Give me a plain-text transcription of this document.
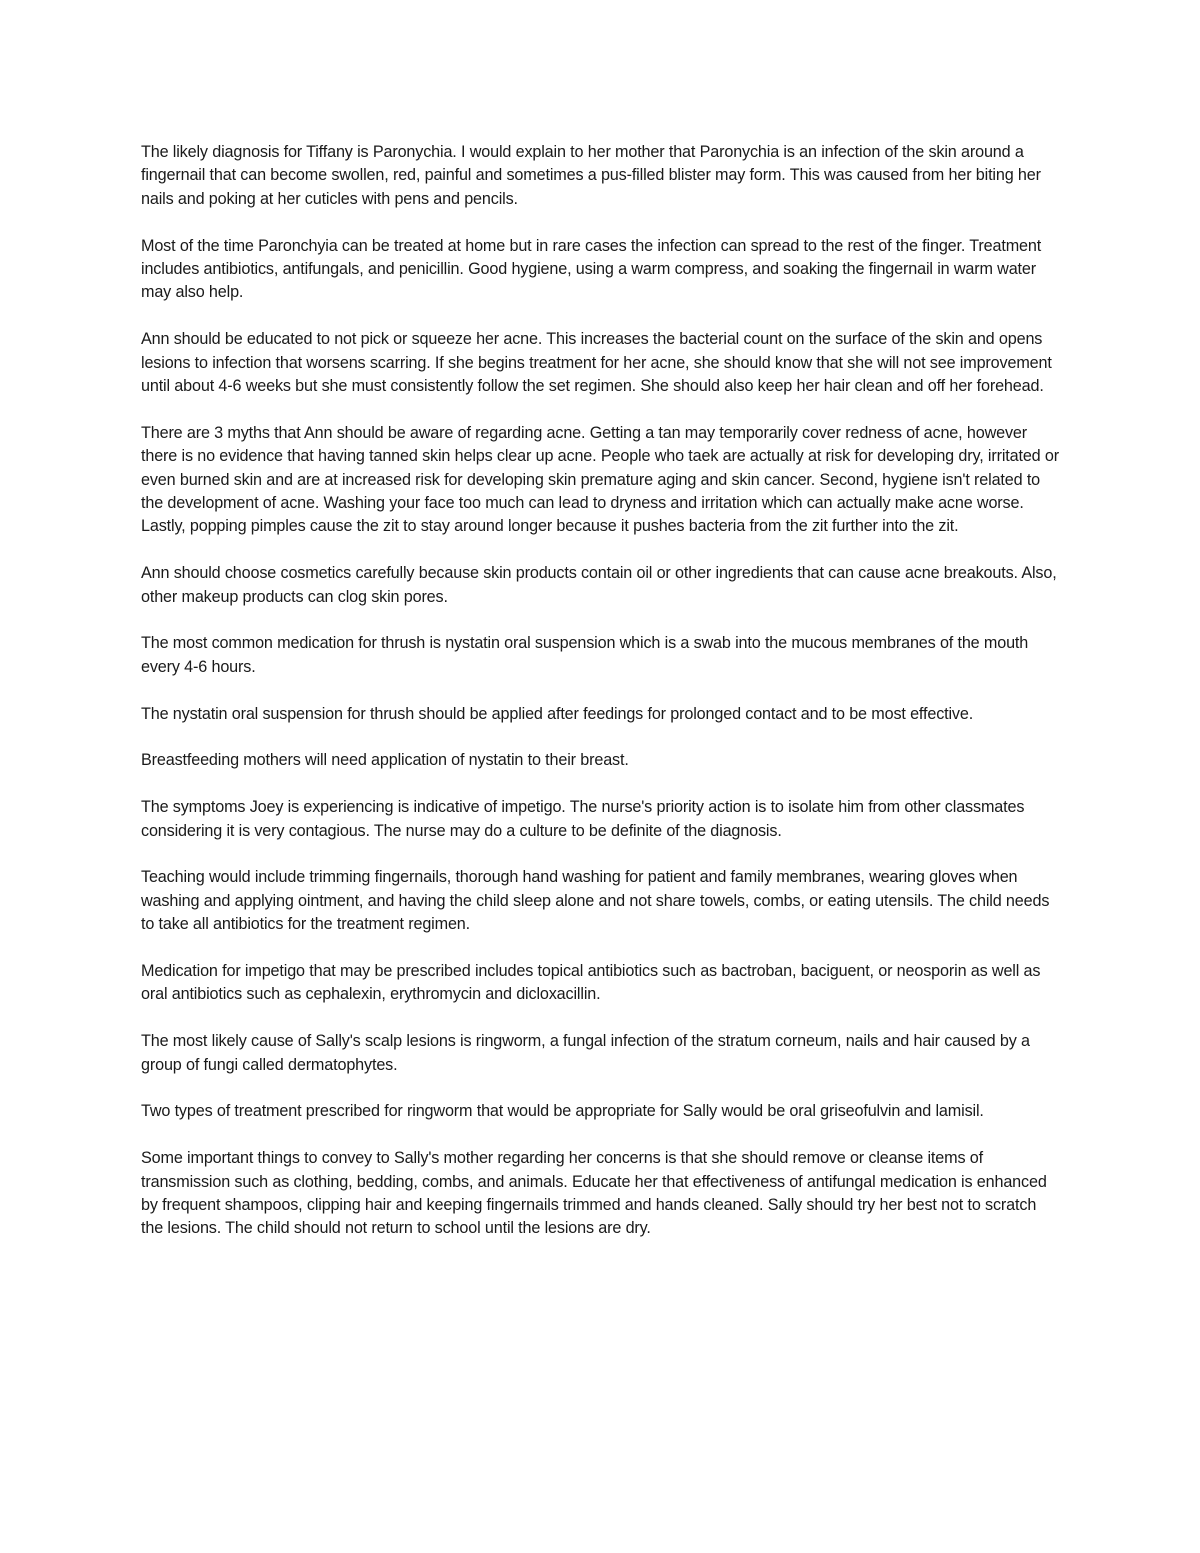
The likely diagnosis for Tiffany is Paronychia. I would explain to her mother that Paronychia is an infection of the skin around a fingernail that can become swollen, red, painful and sometimes a pus-filled blister may form. This was caused from her biting her nails and poking at her cuticles with pens and pencils.

Most of the time Paronchyia can be treated at home but in rare cases the infection can spread to the rest of the finger. Treatment includes antibiotics, antifungals, and penicillin. Good hygiene, using a warm compress, and soaking the fingernail in warm water may also help.

Ann should be educated to not pick or squeeze her acne. This increases the bacterial count on the surface of the skin and opens lesions to infection that worsens scarring. If she begins treatment for her acne, she should know that she will not see improvement until about 4-6 weeks but she must consistently follow the set regimen. She should also keep her hair clean and off her forehead.

There are 3 myths that Ann should be aware of regarding acne. Getting a tan may temporarily cover redness of acne, however there is no evidence that having tanned skin helps clear up acne. People who taek are actually at risk for developing dry, irritated or even burned skin and are at increased risk for developing skin premature aging and skin cancer. Second, hygiene isn't related to the development of acne. Washing your face too much can lead to dryness and irritation which can actually make acne worse. Lastly, popping pimples cause the zit to stay around longer because it pushes bacteria from the zit further into the zit.

Ann should choose cosmetics carefully because skin products contain oil or other ingredients that can cause acne breakouts. Also, other makeup products can clog skin pores.

The most common medication for thrush is nystatin oral suspension which is a swab into the mucous membranes of the mouth every 4-6 hours.

The nystatin oral suspension for thrush should be applied after feedings for prolonged contact and to be most effective.

Breastfeeding mothers will need application of nystatin to their breast.

The symptoms Joey is experiencing is indicative of impetigo. The nurse's priority action is to isolate him from other classmates considering it is very contagious. The nurse may do a culture to be definite of the diagnosis.

Teaching would include trimming fingernails, thorough hand washing for patient and family membranes, wearing gloves when washing and applying ointment, and having the child sleep alone and not share towels, combs, or eating utensils. The child needs to take all antibiotics for the treatment regimen.

Medication for impetigo that may be prescribed includes topical antibiotics such as bactroban, baciguent, or neosporin as well as oral antibiotics such as cephalexin, erythromycin and dicloxacillin.

The most likely cause of Sally's scalp lesions is ringworm, a fungal infection of the stratum corneum, nails and hair caused by a group of fungi called dermatophytes.

Two types of treatment prescribed for ringworm that would be appropriate for Sally would be oral griseofulvin and lamisil.

Some important things to convey to Sally's mother regarding her concerns is that she should remove or cleanse items of transmission such as clothing, bedding, combs, and animals. Educate her that effectiveness of antifungal medication is enhanced by frequent shampoos, clipping hair and keeping fingernails trimmed and hands cleaned. Sally should try her best not to scratch the lesions. The child should not return to school until the lesions are dry.
